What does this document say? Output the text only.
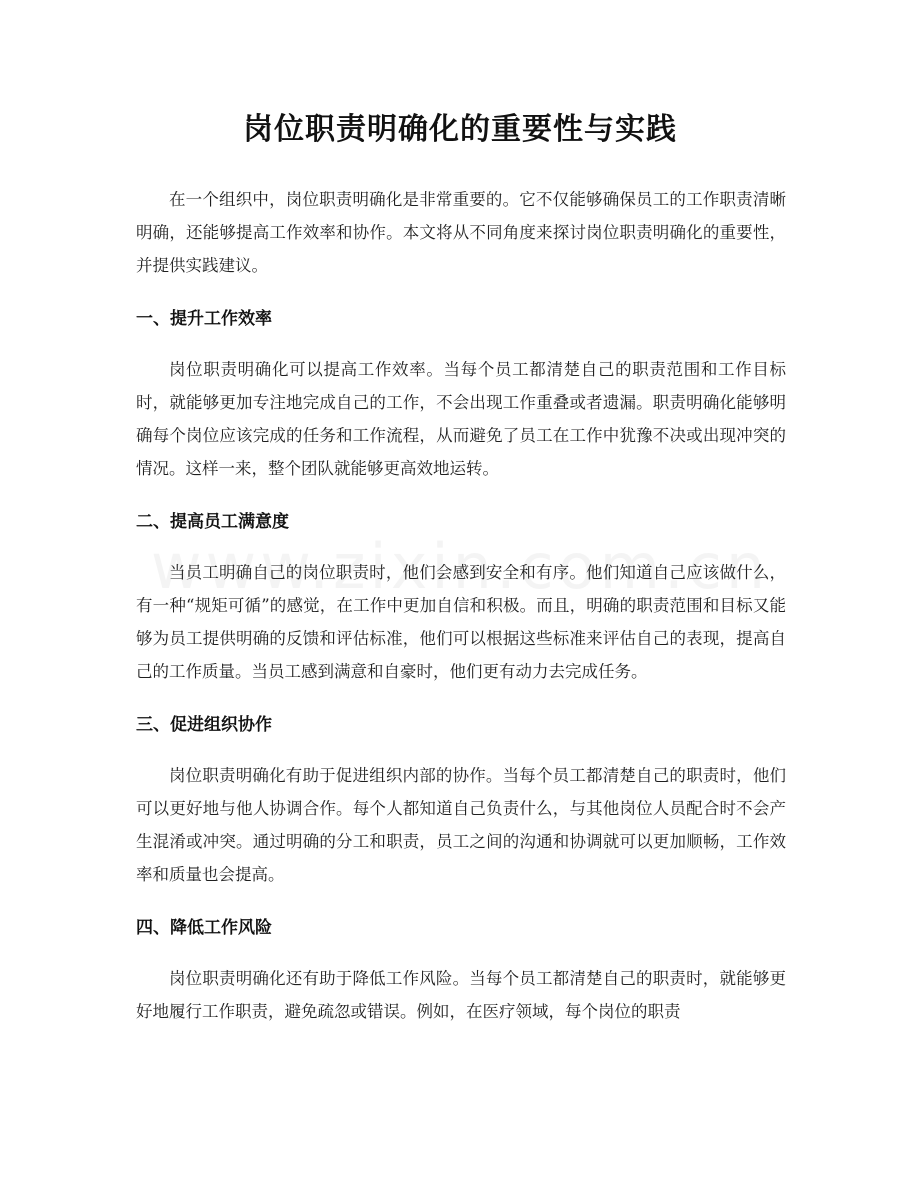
岗位职责明确化的重要性与实践

在一个组织中，岗位职责明确化是非常重要的。它不仅能够确保员工的工作职责清晰明确，还能够提高工作效率和协作。本文将从不同角度来探讨岗位职责明确化的重要性，并提供实践建议。

一、提升工作效率

岗位职责明确化可以提高工作效率。当每个员工都清楚自己的职责范围和工作目标时，就能够更加专注地完成自己的工作，不会出现工作重叠或者遗漏。职责明确化能够明确每个岗位应该完成的任务和工作流程，从而避免了员工在工作中犹豫不决或出现冲突的情况。这样一来，整个团队就能够更高效地运转。

二、提高员工满意度

当员工明确自己的岗位职责时，他们会感到安全和有序。他们知道自己应该做什么，有一种“规矩可循”的感觉，在工作中更加自信和积极。而且，明确的职责范围和目标又能够为员工提供明确的反馈和评估标准，他们可以根据这些标准来评估自己的表现，提高自己的工作质量。当员工感到满意和自豪时，他们更有动力去完成任务。

三、促进组织协作

岗位职责明确化有助于促进组织内部的协作。当每个员工都清楚自己的职责时，他们可以更好地与他人协调合作。每个人都知道自己负责什么，与其他岗位人员配合时不会产生混淆或冲突。通过明确的分工和职责，员工之间的沟通和协调就可以更加顺畅，工作效率和质量也会提高。

四、降低工作风险

岗位职责明确化还有助于降低工作风险。当每个员工都清楚自己的职责时，就能够更好地履行工作职责，避免疏忽或错误。例如，在医疗领域，每个岗位的职责
